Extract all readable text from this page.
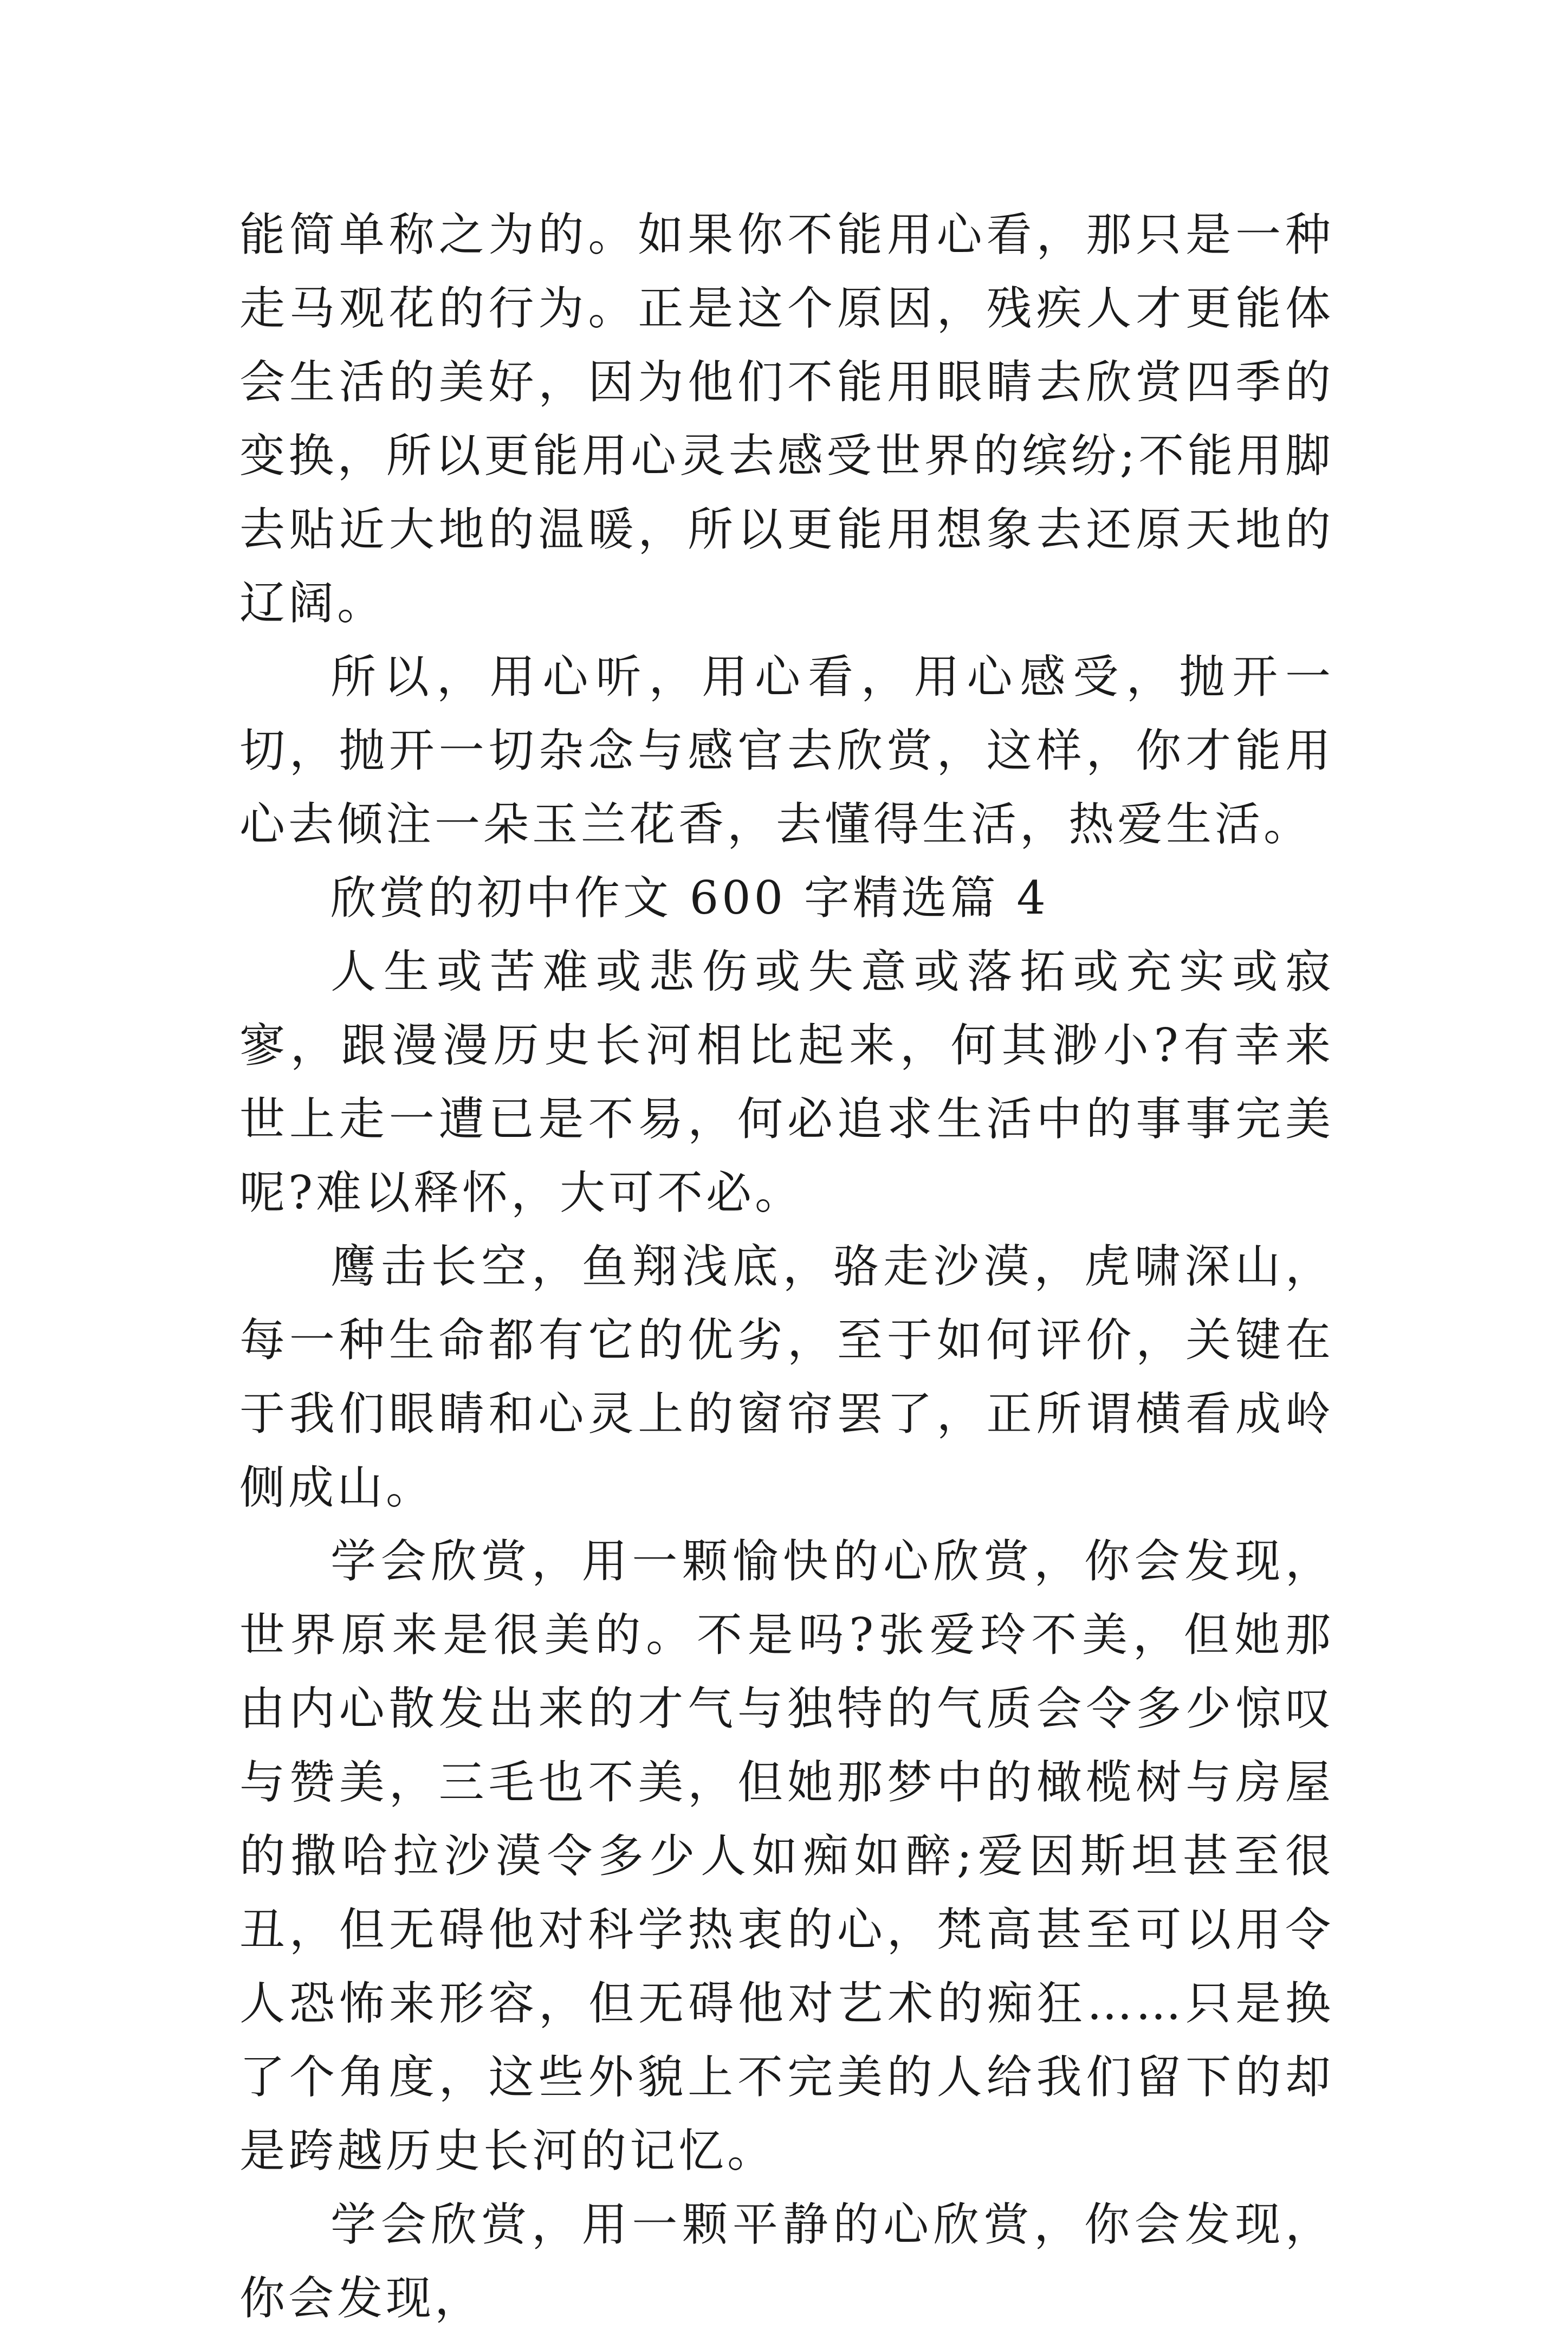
能简单称之为的。如果你不能用心看，那只是一种走马观花的行为。正是这个原因，残疾人才更能体会生活的美好，因为他们不能用眼睛去欣赏四季的变换，所以更能用心灵去感受世界的缤纷;不能用脚去贴近大地的温暖，所以更能用想象去还原天地的辽阔。

所以，用心听，用心看，用心感受，抛开一切，抛开一切杂念与感官去欣赏，这样，你才能用心去倾注一朵玉兰花香，去懂得生活，热爱生活。

欣赏的初中作文 600 字精选篇 4

人生或苦难或悲伤或失意或落拓或充实或寂寥，跟漫漫历史长河相比起来，何其渺小?有幸来世上走一遭已是不易，何必追求生活中的事事完美呢?难以释怀，大可不必。

鹰击长空，鱼翔浅底，骆走沙漠，虎啸深山，每一种生命都有它的优劣，至于如何评价，关键在于我们眼睛和心灵上的窗帘罢了，正所谓横看成岭侧成山。

学会欣赏，用一颗愉快的心欣赏，你会发现，世界原来是很美的。不是吗?张爱玲不美，但她那由内心散发出来的才气与独特的气质会令多少惊叹与赞美，三毛也不美，但她那梦中的橄榄树与房屋的撒哈拉沙漠令多少人如痴如醉;爱因斯坦甚至很丑，但无碍他对科学热衷的心，梵高甚至可以用令人恐怖来形容，但无碍他对艺术的痴狂……只是换了个角度，这些外貌上不完美的人给我们留下的却是跨越历史长河的记忆。

学会欣赏，用一颗平静的心欣赏，你会发现，你会发现，
